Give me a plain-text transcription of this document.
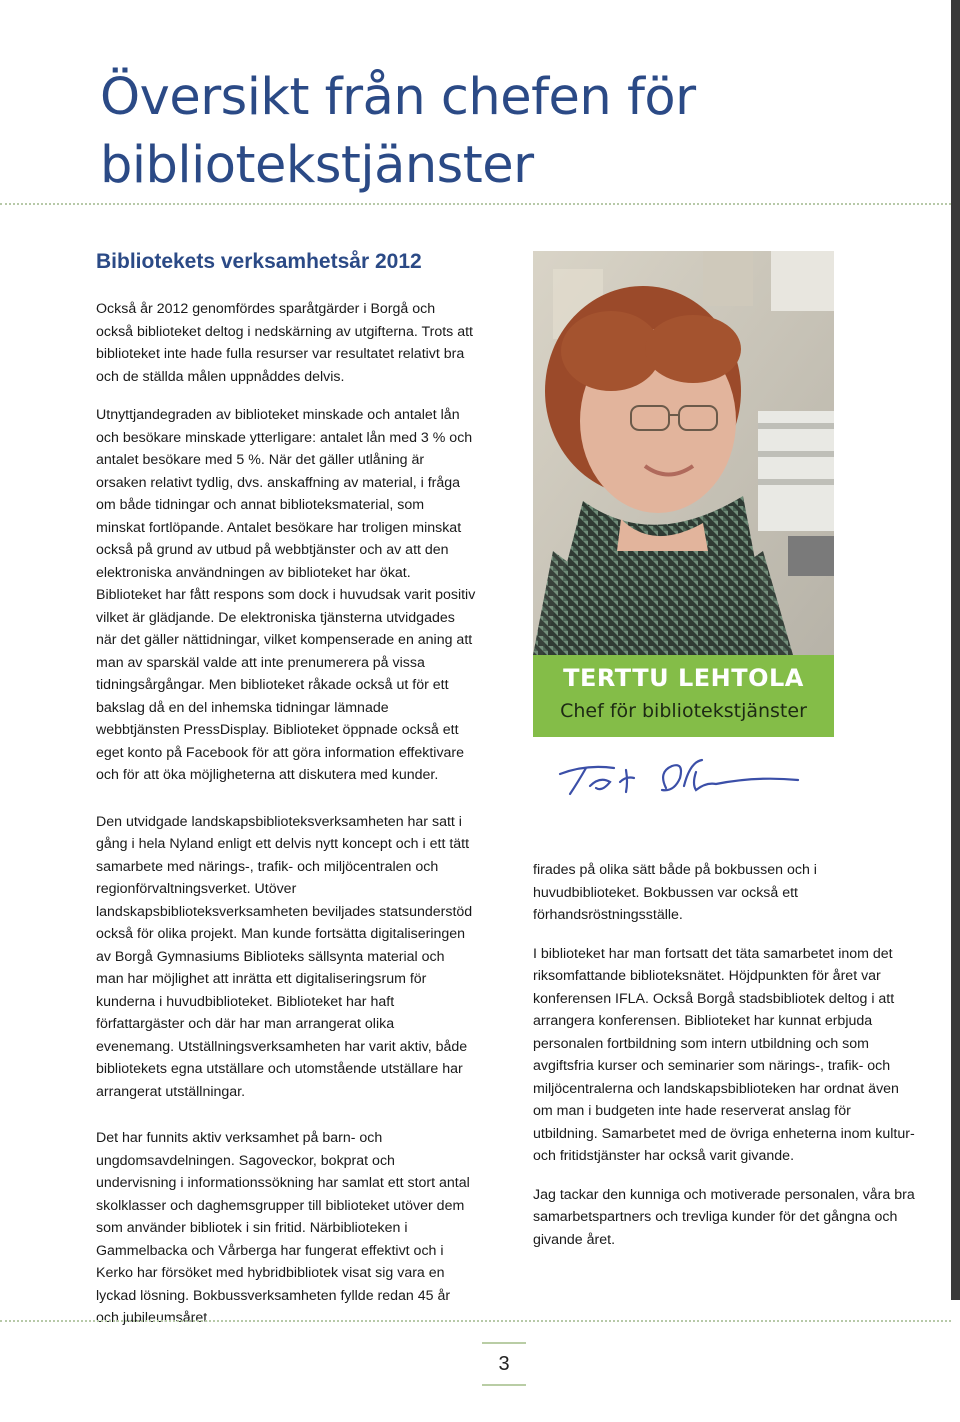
Översikt från chefen för
bibliotekstjänster
Bibliotekets verksamhetsår 2012

Också år 2012 genomfördes sparåtgärder i Borgå och också biblioteket deltog i nedskärning av utgifterna. Trots att biblioteket inte hade fulla resurser var resultatet relativt bra och de ställda målen uppnåddes delvis.

Utnyttjandegraden av biblioteket minskade och antalet lån och besökare minskade ytterligare: antalet lån med 3 % och antalet besökare med 5 %. När det gäller utlåning är orsaken relativt tydlig, dvs. anskaffning av material, i fråga om både tidningar och annat biblioteksmaterial, som minskat fortlöpande. Antalet besökare har troligen minskat också på grund av utbud på webbtjänster och av att den elektroniska användningen av biblioteket har ökat. Biblioteket har fått respons som dock i huvudsak varit positiv vilket är glädjande. De elektroniska tjänsterna utvidgades när det gäller nättidningar, vilket kompenserade en aning att man av sparskäl valde att inte prenumerera på vissa tidningsårgångar. Men biblioteket råkade också ut för ett bakslag då en del inhemska tidningar lämnade webbtjänsten PressDisplay. Biblioteket öppnade också ett eget konto på Facebook för att göra information effektivare och för att öka möjligheterna att diskutera med kunder.

Den utvidgade landskapsbiblioteksverksamheten har satt i gång i hela Nyland enligt ett delvis nytt koncept och i ett tätt samarbete med närings-, trafik- och miljöcentralen och regionförvaltningsverket. Utöver landskapsbiblioteksverksamheten beviljades statsunderstöd också för olika projekt. Man kunde fortsätta digitaliseringen av Borgå Gymnasiums Biblioteks sällsynta material och man har möjlighet att inrätta ett digitaliseringsrum för kunderna i huvudbiblioteket. Biblioteket har haft författargäster och där har man arrangerat olika evenemang. Utställningsverksamheten har varit aktiv, både bibliotekets egna utställare och utomstående utställare har arrangerat utställningar.

Det har funnits aktiv verksamhet på barn- och ungdomsavdelningen. Sagoveckor, bokprat och undervisning i informationssökning har samlat ett stort antal skolklasser och daghemsgrupper till biblioteket utöver dem som använder bibliotek i sin fritid. Närbiblioteken i Gammelbacka och Vårberga har fungerat effektivt och i Kerko har försöket med hybridbibliotek visat sig vara en lyckad lösning. Bokbussverksamheten fyllde redan 45 år och jubileumsåret

TERTTU LEHTOLA
Chef för bibliotekstjänster

firades på olika sätt både på bokbussen och i huvudbiblioteket. Bokbussen var också ett förhandsröstningsställe.

I biblioteket har man fortsatt det täta samarbetet inom det riksomfattande biblioteksnätet. Höjdpunkten för året var konferensen IFLA. Också Borgå stadsbibliotek deltog i att arrangera konferensen. Biblioteket har kunnat erbjuda personalen fortbildning som intern utbildning och som avgiftsfria kurser och seminarier som närings-, trafik- och miljöcentralerna och landskapsbiblioteken har ordnat även om man i budgeten inte hade reserverat anslag för utbildning. Samarbetet med de övriga enheterna inom kultur- och fritidstjänster har också varit givande.

Jag tackar den kunniga och motiverade personalen, våra bra samarbetspartners och trevliga kunder för det gångna och givande året.

3
